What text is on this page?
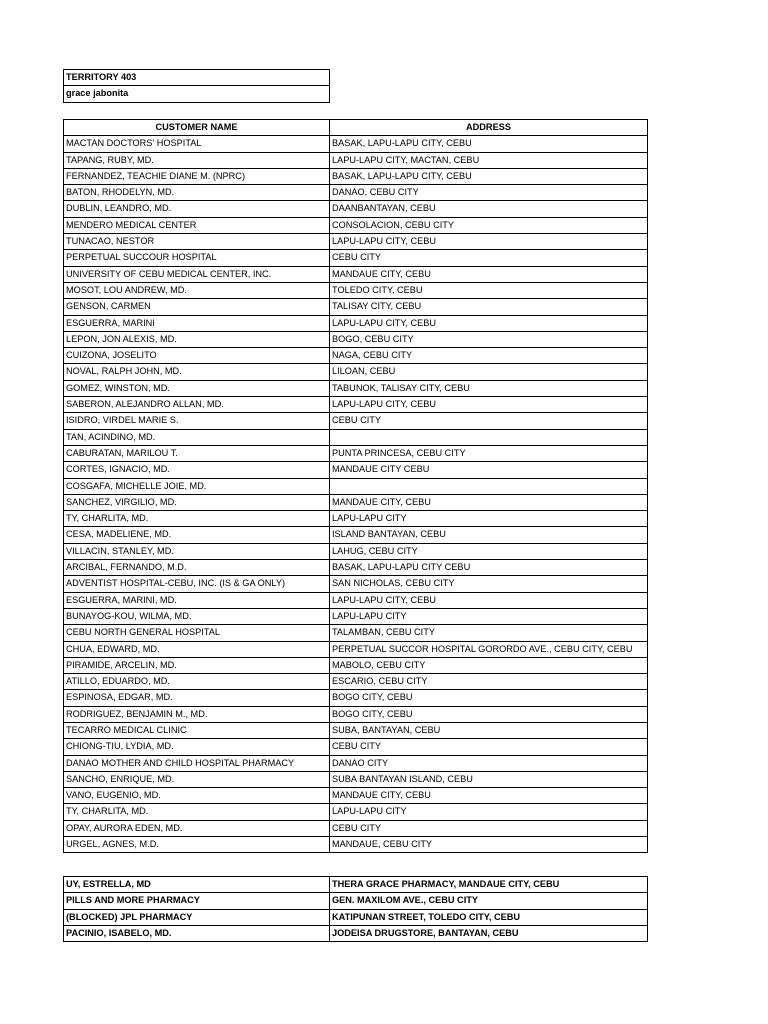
TERRITORY 403
grace jabonita
CUSTOMER NAME	ADDRESS
MACTAN DOCTORS' HOSPITAL	BASAK, LAPU-LAPU CITY, CEBU
TAPANG, RUBY, MD.	LAPU-LAPU CITY, MACTAN, CEBU
FERNANDEZ, TEACHIE DIANE M. (NPRC)	BASAK, LAPU-LAPU CITY, CEBU
BATON, RHODELYN, MD.	DANAO, CEBU CITY
DUBLIN, LEANDRO, MD.	DAANBANTAYAN, CEBU
MENDERO MEDICAL CENTER	CONSOLACION, CEBU CITY
TUNACAO, NESTOR	LAPU-LAPU CITY, CEBU
PERPETUAL SUCCOUR HOSPITAL	CEBU CITY
UNIVERSITY OF CEBU MEDICAL CENTER, INC.	MANDAUE CITY, CEBU
MOSOT, LOU ANDREW, MD.	TOLEDO CITY, CEBU
GENSON, CARMEN	TALISAY CITY, CEBU
ESGUERRA, MARINI	LAPU-LAPU CITY, CEBU
LEPON, JON ALEXIS, MD.	BOGO, CEBU CITY
CUIZONA, JOSELITO	NAGA, CEBU CITY
NOVAL, RALPH JOHN, MD.	LILOAN, CEBU
GOMEZ, WINSTON, MD.	TABUNOK, TALISAY CITY, CEBU
SABERON, ALEJANDRO ALLAN, MD.	LAPU-LAPU CITY, CEBU
ISIDRO, VIRDEL MARIE S.	CEBU CITY
TAN, ACINDINO, MD.	
CABURATAN, MARILOU T.	PUNTA PRINCESA, CEBU CITY
CORTES, IGNACIO, MD.	MANDAUE CITY CEBU
COSGAFA, MICHELLE JOIE, MD.	
SANCHEZ, VIRGILIO, MD.	MANDAUE CITY, CEBU
TY, CHARLITA, MD.	LAPU-LAPU CITY
CESA, MADELIENE, MD.	ISLAND BANTAYAN, CEBU
VILLACIN, STANLEY, MD.	LAHUG, CEBU CITY
ARCIBAL, FERNANDO, M.D.	BASAK, LAPU-LAPU CITY CEBU
ADVENTIST HOSPITAL-CEBU, INC. (IS & GA ONLY)	SAN NICHOLAS, CEBU CITY
ESGUERRA, MARINI, MD.	LAPU-LAPU CITY, CEBU
BUNAYOG-KOU, WILMA, MD.	LAPU-LAPU CITY
CEBU NORTH GENERAL HOSPITAL	TALAMBAN, CEBU CITY
CHUA, EDWARD, MD.	PERPETUAL SUCCOR HOSPITAL GORORDO AVE., CEBU CITY, CEBU
PIRAMIDE, ARCELIN, MD.	MABOLO, CEBU CITY
ATILLO, EDUARDO, MD.	ESCARIO, CEBU CITY
ESPINOSA, EDGAR, MD.	BOGO CITY, CEBU
RODRIGUEZ, BENJAMIN M., MD.	BOGO CITY, CEBU
TECARRO MEDICAL CLINIC	SUBA, BANTAYAN, CEBU
CHIONG-TIU, LYDIA, MD.	CEBU CITY
DANAO MOTHER AND CHILD HOSPITAL PHARMACY	DANAO CITY
SANCHO, ENRIQUE, MD.	SUBA BANTAYAN ISLAND, CEBU
VANO, EUGENIO, MD.	MANDAUE CITY, CEBU
TY, CHARLITA, MD.	LAPU-LAPU CITY
OPAY, AURORA EDEN, MD.	CEBU CITY
URGEL, AGNES, M.D.	MANDAUE, CEBU CITY
UY, ESTRELLA, MD	THERA GRACE PHARMACY, MANDAUE CITY, CEBU
PILLS AND MORE PHARMACY	GEN. MAXILOM AVE., CEBU CITY
(BLOCKED) JPL PHARMACY	KATIPUNAN STREET, TOLEDO CITY, CEBU
PACINIO, ISABELO, MD.	JODEISA DRUGSTORE, BANTAYAN, CEBU
